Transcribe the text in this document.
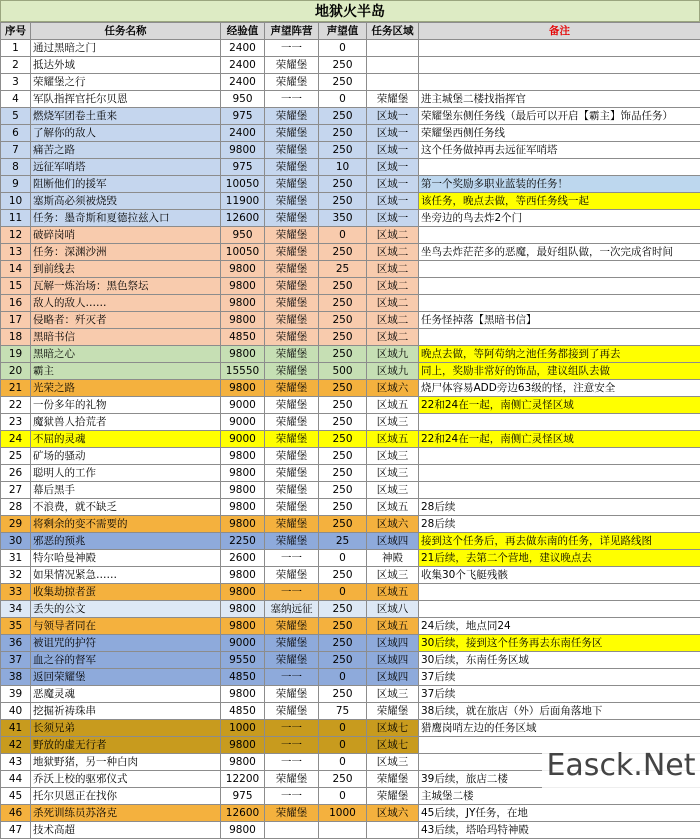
地狱火半岛
序号	任务名称	经验值	声望阵营	声望值	任务区域	备注
1	通过黑暗之门	2400	一一	0		
2	抵达外域	2400	荣耀堡	250		
3	荣耀堡之行	2400	荣耀堡	250		
4	军队指挥官托尔贝恩	950	一一	0	荣耀堡	进主城堡二楼找指挥官
5	燃烧军团卷土重来	975	荣耀堡	250	区域一	荣耀堡东侧任务线（最后可以开启【霸主】饰品任务）
6	了解你的敌人	2400	荣耀堡	250	区域一	荣耀堡西侧任务线
7	痛苦之路	9800	荣耀堡	250	区域一	这个任务做掉再去远征军哨塔
8	远征军哨塔	975	荣耀堡	10	区域一	
9	阻断他们的援军	10050	荣耀堡	250	区域一	第一个奖励多职业蓝装的任务！
10	塞斯高必须被烧毁	11900	荣耀堡	250	区域一	该任务，晚点去做，等西任务线一起
11	任务：墨奇斯和夏德拉兹入口	12600	荣耀堡	350	区域一	坐旁边的鸟去炸2个门
12	破碎岗哨	950	荣耀堡	0	区域二	
13	任务：深渊沙洲	10050	荣耀堡	250	区域二	坐鸟去炸茫茫多的恶魔，最好组队做，一次完成省时间
14	到前线去	9800	荣耀堡	25	区域二	
15	瓦解一炼治场：黑色祭坛	9800	荣耀堡	250	区域二	
16	敌人的敌人……	9800	荣耀堡	250	区域二	
17	侵略者：歼灭者	9800	荣耀堡	250	区域二	任务怪掉落【黑暗书信】
18	黑暗书信	4850	荣耀堡	250	区域二	
19	黑暗之心	9800	荣耀堡	250	区域九	晚点去做，等阿苟纳之池任务都接到了再去
20	霸主	15550	荣耀堡	500	区域九	同上，奖励非常好的饰品，建议组队去做
21	光荣之路	9800	荣耀堡	250	区域六	烧尸体容易ADD旁边63级的怪，注意安全
22	一份多年的礼物	9000	荣耀堡	250	区域五	22和24在一起，南侧亡灵怪区域
23	魔狱兽人拾荒者	9000	荣耀堡	250	区域三	
24	不屈的灵魂	9000	荣耀堡	250	区域五	22和24在一起，南侧亡灵怪区域
25	矿场的骚动	9800	荣耀堡	250	区域三	
26	聪明人的工作	9800	荣耀堡	250	区域三	
27	幕后黑手	9800	荣耀堡	250	区域三	
28	不浪费，就不缺乏	9800	荣耀堡	250	区域五	28后续
29	将剩余的变不需要的	9800	荣耀堡	250	区域六	28后续
30	邪恶的预兆	2250	荣耀堡	25	区域四	接到这个任务后，再去做东南的任务，详见路线图
31	特尔哈曼神殿	2600	一一	0	神殿	21后续，去第二个营地，建议晚点去
32	如果情况紧急……	9800	荣耀堡	250	区域三	收集30个飞艇残骸
33	收集劫掠者蛋	9800	一一	0	区域五	
34	丢失的公文	9800	塞纳远征	250	区域八	
35	与领导者同在	9800	荣耀堡	250	区域五	24后续，地点同24
36	被诅咒的护符	9000	荣耀堡	250	区域四	30后续，接到这个任务再去东南任务区
37	血之谷的督军	9550	荣耀堡	250	区域四	30后续，东南任务区域
38	返回荣耀堡	4850	一一	0	区域四	37后续
39	恶魔灵魂	9800	荣耀堡	250	区域三	37后续
40	挖掘祈祷珠串	4850	荣耀堡	75	荣耀堡	38后续，就在旅店（外）后面角落地下
41	长须兄弟	1000	一一	0	区域七	猎鹰岗哨左边的任务区域
42	野放的虚无行者	9800	一一	0	区域七	
43	地狱野猪，另一种白肉	9800	一一	0	区域三	
44	乔沃上校的驱邪仪式	12200	荣耀堡	250	荣耀堡	39后续，旅店二楼
45	托尔贝恩正在找你	975	一一	0	荣耀堡	主城堡二楼
46	杀死训练员苏洛克	12600	荣耀堡	1000	区域六	45后续，JY任务，在地
47	技术高超	9800				43后续，塔哈玛特神殿
Easck.Net
